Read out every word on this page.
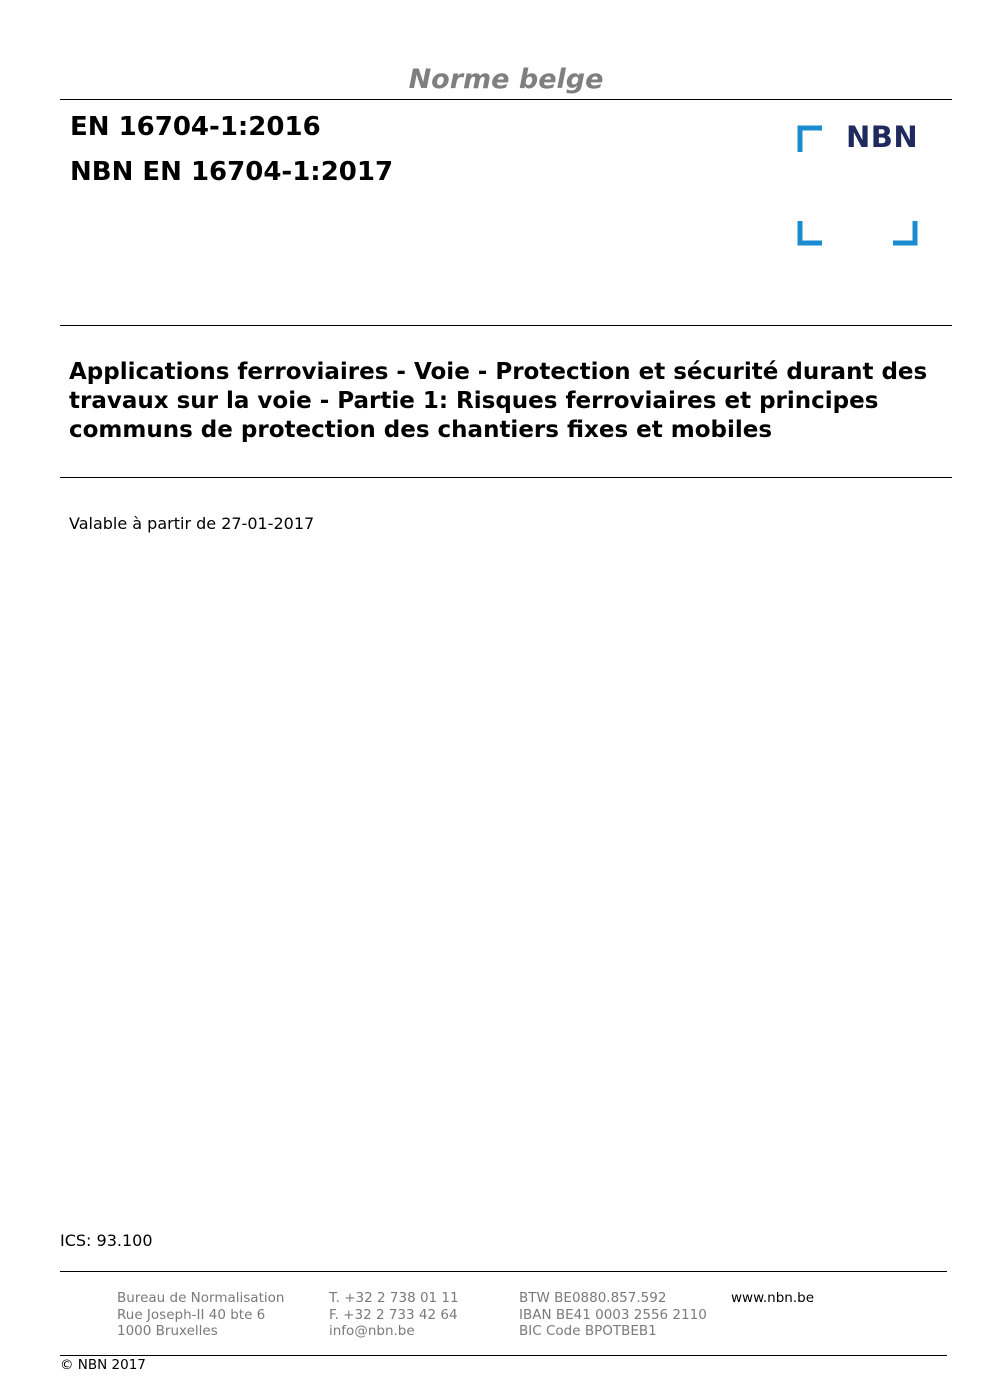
Norme belge
EN 16704-1:2016
NBN EN 16704-1:2017
NBN
Applications ferroviaires - Voie - Protection et sécurité durant des travaux sur la voie - Partie 1: Risques ferroviaires et principes communs de protection des chantiers fixes et mobiles
Valable à partir de 27-01-2017
ICS: 93.100
Bureau de Normalisation
Rue Joseph-II 40 bte 6
1000 Bruxelles
T. +32 2 738 01 11
F. +32 2 733 42 64
info@nbn.be
BTW BE0880.857.592
IBAN BE41 0003 2556 2110
BIC Code BPOTBEB1
www.nbn.be
© NBN 2017
